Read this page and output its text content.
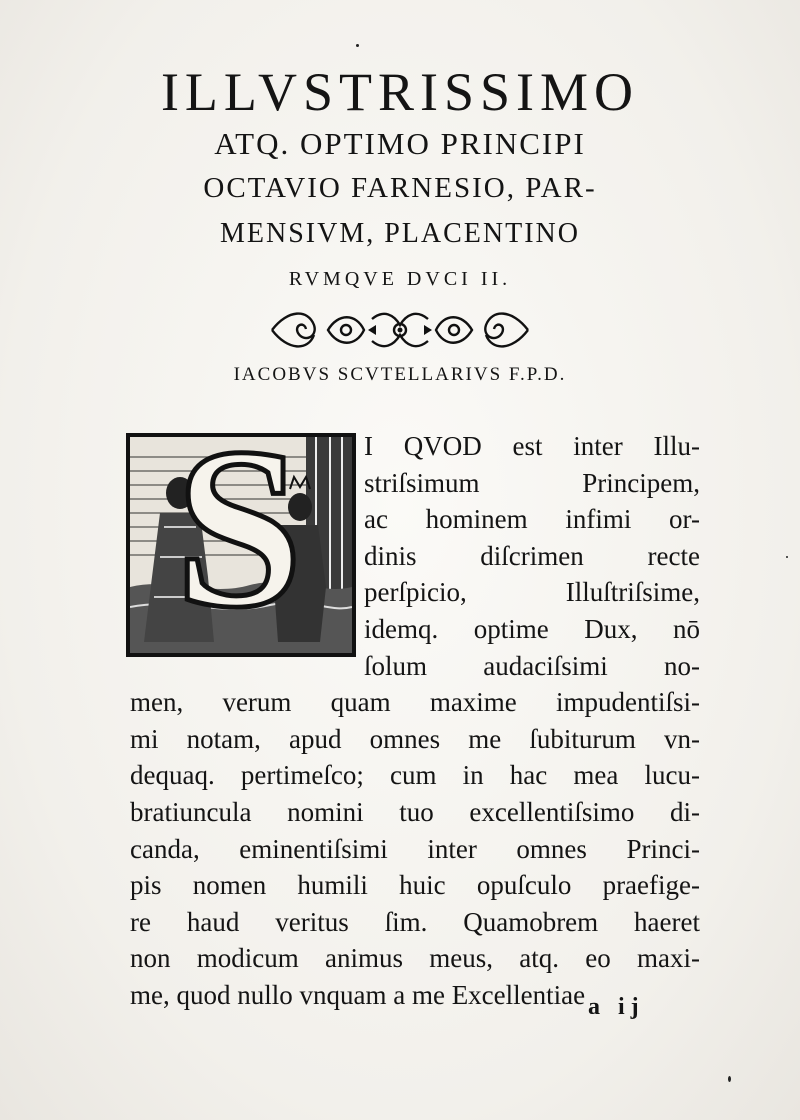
ILLVSTRISSIMO
ATQ. OPTIMO PRINCIPI
OCTAVIO FARNESIO, PAR-
MENSIVM, PLACENTINO
RVMQVE DVCI II.
IACOBVS SCVTELLARIVS F.P.D.
S	I QVOD est inter Illu-
striſsimum Principem,
ac hominem infimi or-
dinis diſcrimen recte
perſpicio, Illuſtriſsime,
idemq. optime Dux, nō
ſolum audaciſsimi no-
men, verum quam maxime impudentiſsi-
mi notam, apud omnes me ſubiturum vn-
dequaq. pertimeſco; cum in hac mea lucu-
bratiuncula nomini tuo excellentiſsimo di-
canda, eminentiſsimi inter omnes Princi-
pis nomen humili huic opuſculo praefige-
re haud veritus ſim. Quamobrem haeret
non modicum animus meus, atq. eo maxi-
me, quod nullo vnquam a me Excellentiae a ij
